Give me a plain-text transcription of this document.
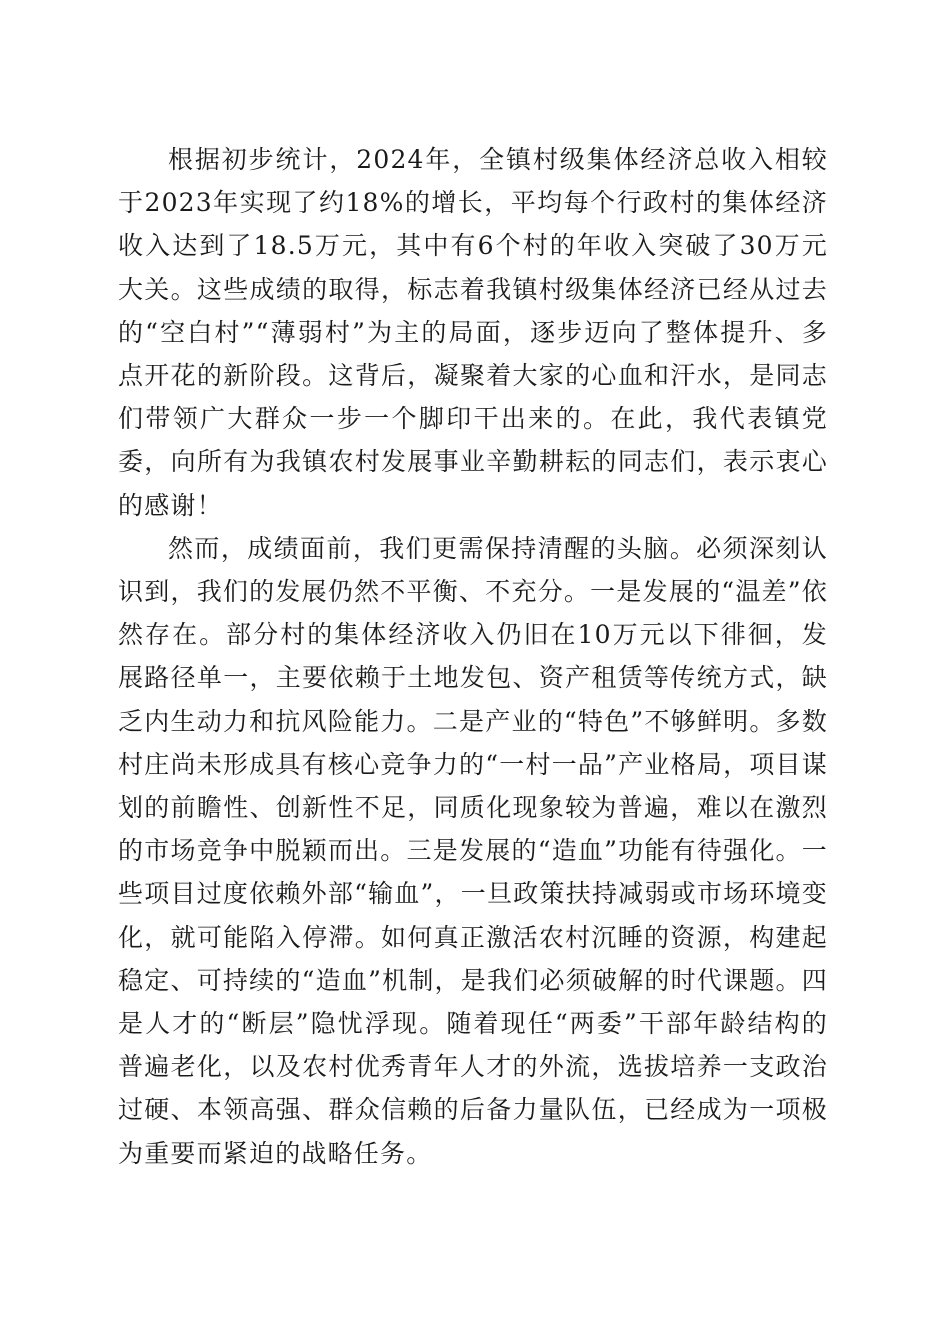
根据初步统计，2024年，全镇村级集体经济总收入相较于2023年实现了约18%的增长，平均每个行政村的集体经济收入达到了18.5万元，其中有6个村的年收入突破了30万元大关。这些成绩的取得，标志着我镇村级集体经济已经从过去的“空白村”“薄弱村”为主的局面，逐步迈向了整体提升、多点开花的新阶段。这背后，凝聚着大家的心血和汗水，是同志们带领广大群众一步一个脚印干出来的。在此，我代表镇党委，向所有为我镇农村发展事业辛勤耕耘的同志们，表示衷心的感谢！

然而，成绩面前，我们更需保持清醒的头脑。必须深刻认识到，我们的发展仍然不平衡、不充分。一是发展的“温差”依然存在。部分村的集体经济收入仍旧在10万元以下徘徊，发展路径单一，主要依赖于土地发包、资产租赁等传统方式，缺乏内生动力和抗风险能力。二是产业的“特色”不够鲜明。多数村庄尚未形成具有核心竞争力的“一村一品”产业格局，项目谋划的前瞻性、创新性不足，同质化现象较为普遍，难以在激烈的市场竞争中脱颖而出。三是发展的“造血”功能有待强化。一些项目过度依赖外部“输血”，一旦政策扶持减弱或市场环境变化，就可能陷入停滞。如何真正激活农村沉睡的资源，构建起稳定、可持续的“造血”机制，是我们必须破解的时代课题。四是人才的“断层”隐忧浮现。随着现任“两委”干部年龄结构的普遍老化，以及农村优秀青年人才的外流，选拔培养一支政治过硬、本领高强、群众信赖的后备力量队伍，已经成为一项极为重要而紧迫的战略任务。
